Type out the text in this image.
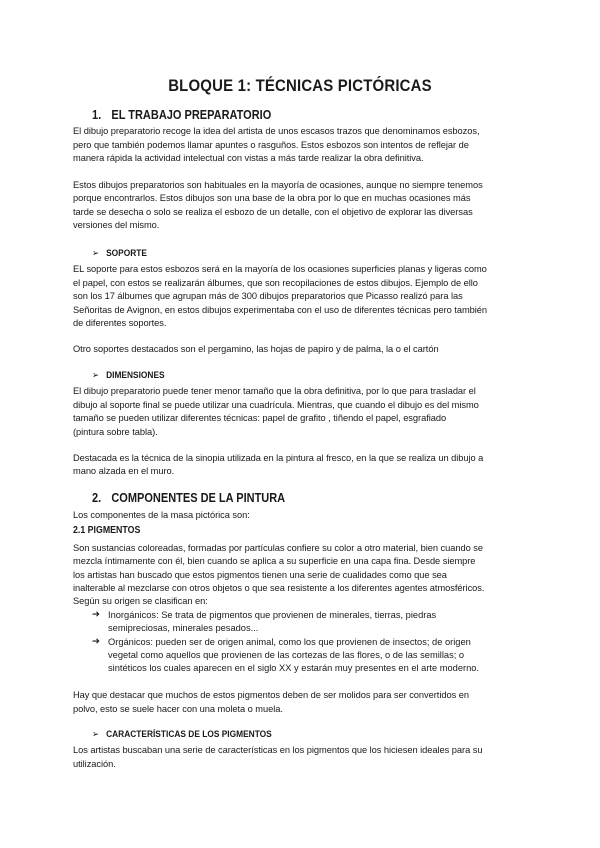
BLOQUE 1: TÉCNICAS PICTÓRICAS
1. EL TRABAJO PREPARATORIO
El dibujo preparatorio recoge la idea del artista de unos escasos trazos que denominamos esbozos,
pero que también podemos llamar apuntes o rasguños. Estos esbozos son intentos de reflejar de
manera rápida la actividad intelectual con vistas a más tarde realizar la obra definitiva.
Estos dibujos preparatorios son habituales en la mayoría de ocasiones, aunque no siempre tenemos
porque encontrarlos. Estos dibujos son una base de la obra por lo que en muchas ocasiones más
tarde se desecha o solo se realiza el esbozo de un detalle, con el objetivo de explorar las diversas
versiones del mismo.
➢ SOPORTE
EL soporte para estos esbozos será en la mayoría de los ocasiones superficies planas y ligeras como
el papel, con estos se realizarán álbumes, que son recopilaciones de estos dibujos. Ejemplo de ello
son los 17 álbumes que agrupan más de 300 dibujos preparatorios que Picasso realizó para las
Señoritas de Avignon, en estos dibujos experimentaba con el uso de diferentes técnicas pero también
de diferentes soportes.
Otro soportes destacados son el pergamino, las hojas de papiro y de palma, la o el cartón
➢ DIMENSIONES
El dibujo preparatorio puede tener menor tamaño que la obra definitiva, por lo que para trasladar el
dibujo al soporte final se puede utilizar una cuadrícula. Mientras, que cuando el dibujo es del mismo
tamaño se pueden utilizar diferentes técnicas: papel de grafito , tiñendo el papel, esgrafiado
(pintura sobre tabla).
Destacada es la técnica de la sinopia utilizada en la pintura al fresco, en la que se realiza un dibujo a
mano alzada en el muro.
2. COMPONENTES DE LA PINTURA
Los componentes de la masa pictórica son:
2.1 PIGMENTOS
Son sustancias coloreadas, formadas por partículas confiere su color a otro material, bien cuando se
mezcla íntimamente con él, bien cuando se aplica a su superficie en una capa fina. Desde siempre
los artistas han buscado que estos pigmentos tienen una serie de cualidades como que sea
inalterable al mezclarse con otros objetos o que sea resistente a los diferentes agentes atmosféricos.
Según su origen se clasifican en:
➔ Inorgánicos: Se trata de pigmentos que provienen de minerales, tierras, piedras
semipreciosas, minerales pesados...
➔ Orgánicos: pueden ser de origen animal, como los que provienen de insectos; de origen
vegetal como aquellos que provienen de las cortezas de las flores, o de las semillas; o
sintéticos los cuales aparecen en el siglo XX y estarán muy presentes en el arte moderno.
Hay que destacar que muchos de estos pigmentos deben de ser molidos para ser convertidos en
polvo, esto se suele hacer con una moleta o muela.
➢ CARACTERÍSTICAS DE LOS PIGMENTOS
Los artistas buscaban una serie de características en los pigmentos que los hiciesen ideales para su
utilización.
